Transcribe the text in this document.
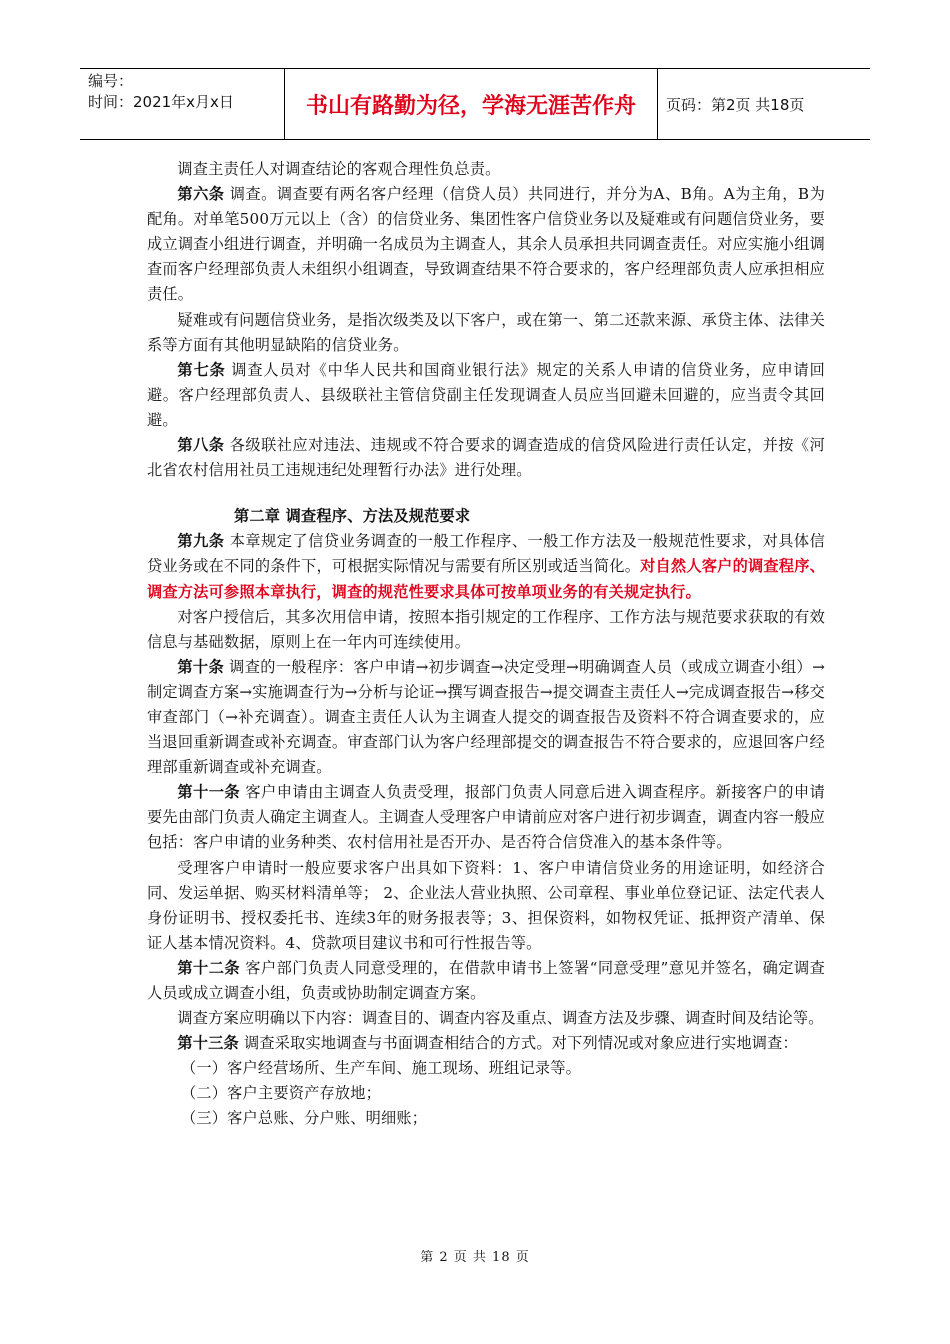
编号：
时间：2021年x月x日	书山有路勤为径，学海无涯苦作舟	页码：第2页 共18页

调查主责任人对调查结论的客观合理性负总责。

第六条 调查。调查要有两名客户经理（信贷人员）共同进行，并分为A、B角。A为主角，B为配角。对单笔500万元以上（含）的信贷业务、集团性客户信贷业务以及疑难或有问题信贷业务，要成立调查小组进行调查，并明确一名成员为主调查人，其余人员承担共同调查责任。对应实施小组调查而客户经理部负责人未组织小组调查，导致调查结果不符合要求的，客户经理部负责人应承担相应责任。

疑难或有问题信贷业务，是指次级类及以下客户，或在第一、第二还款来源、承贷主体、法律关系等方面有其他明显缺陷的信贷业务。

第七条 调查人员对《中华人民共和国商业银行法》规定的关系人申请的信贷业务，应申请回避。客户经理部负责人、县级联社主管信贷副主任发现调查人员应当回避未回避的，应当责令其回避。

第八条 各级联社应对违法、违规或不符合要求的调查造成的信贷风险进行责任认定，并按《河北省农村信用社员工违规违纪处理暂行办法》进行处理。

第二章 调查程序、方法及规范要求

第九条 本章规定了信贷业务调查的一般工作程序、一般工作方法及一般规范性要求，对具体信贷业务或在不同的条件下，可根据实际情况与需要有所区别或适当简化。对自然人客户的调查程序、调查方法可参照本章执行，调查的规范性要求具体可按单项业务的有关规定执行。

对客户授信后，其多次用信申请，按照本指引规定的工作程序、工作方法与规范要求获取的有效信息与基础数据，原则上在一年内可连续使用。

第十条 调查的一般程序：客户申请→初步调查→决定受理→明确调查人员（或成立调查小组）→制定调查方案→实施调查行为→分析与论证→撰写调查报告→提交调查主责任人→完成调查报告→移交审查部门（→补充调查）。调查主责任人认为主调查人提交的调查报告及资料不符合调查要求的，应当退回重新调查或补充调查。审查部门认为客户经理部提交的调查报告不符合要求的，应退回客户经理部重新调查或补充调查。

第十一条 客户申请由主调查人负责受理，报部门负责人同意后进入调查程序。新接客户的申请要先由部门负责人确定主调查人。主调查人受理客户申请前应对客户进行初步调查，调查内容一般应包括：客户申请的业务种类、农村信用社是否开办、是否符合信贷准入的基本条件等。

受理客户申请时一般应要求客户出具如下资料：1、客户申请信贷业务的用途证明，如经济合同、发运单据、购买材料清单等； 2、企业法人营业执照、公司章程、事业单位登记证、法定代表人身份证明书、授权委托书、连续3年的财务报表等；3、担保资料，如物权凭证、抵押资产清单、保证人基本情况资料。4、贷款项目建议书和可行性报告等。

第十二条 客户部门负责人同意受理的，在借款申请书上签署“同意受理”意见并签名，确定调查人员或成立调查小组，负责或协助制定调查方案。

调查方案应明确以下内容：调查目的、调查内容及重点、调查方法及步骤、调查时间及结论等。

第十三条 调查采取实地调查与书面调查相结合的方式。对下列情况或对象应进行实地调查：

（一）客户经营场所、生产车间、施工现场、班组记录等。

（二）客户主要资产存放地；

（三）客户总账、分户账、明细账；

第 2 页 共 18 页
